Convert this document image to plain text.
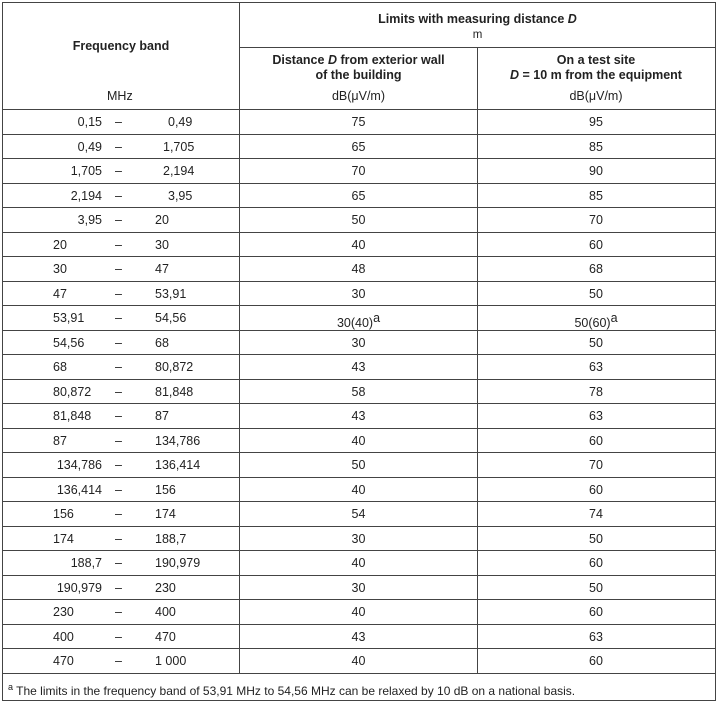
Frequency band
MHz
Limits with measuring distance D
m
Distance D from exterior wall
of the building
dB(μV/m)
On a test site
D = 10 m from the equipment
dB(μV/m)
0,15 –	0,49	75	95
0,49 –	1,705	65	85
1,705 –	2,194	70	90
2,194 –	3,95	65	85
3,95 –	20	50	70
20	–	30	40	60
30	–	47	48	68
47	–	53,91	30	50
53,91 –	54,56	30(40)a	50(60)a
54,56 –	68	30	50
68	–	80,872	43	63
80,872 –	81,848	58	78
81,848 –	87	43	63
87	–	134,786	40	60
134,786 –	136,414	50	70
136,414 –	156	40	60
156	–	174	54	74
174	–	188,7	30	50
188,7 –	190,979	40	60
190,979 –	230	30	50
230	–	400	40	60
400	–	470	43	63
470	–	1 000	40	60
$^a$ The limits in the frequency band of 53,91 MHz to 54,56 MHz can be relaxed by 10 dB on a national basis.
